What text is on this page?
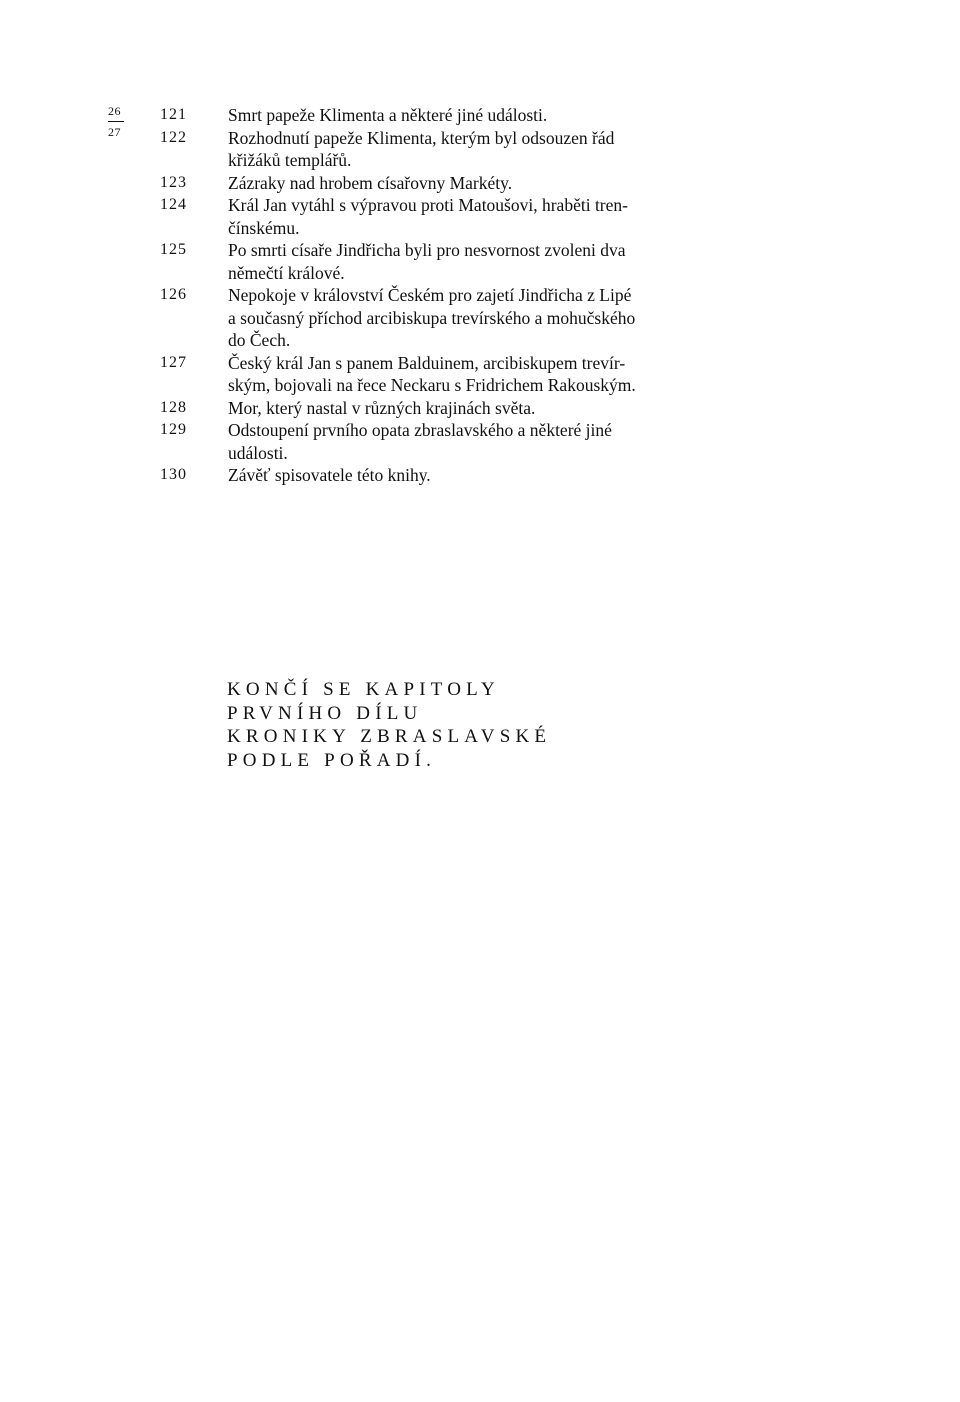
26
27
121	Smrt papeže Klimenta a některé jiné události.
122	Rozhodnutí papeže Klimenta, kterým byl odsouzen řád
křižáků templářů.
123	Zázraky nad hrobem císařovny Markéty.
124	Král Jan vytáhl s výpravou proti Matoušovi, hraběti tren-
čínskému.
125	Po smrti císaře Jindřicha byli pro nesvornost zvoleni dva
němečtí králové.
126	Nepokoje v království Českém pro zajetí Jindřicha z Lipé
a současný příchod arcibiskupa trevírského a mohučského
do Čech.
127	Český král Jan s panem Balduinem, arcibiskupem trevír-
ským, bojovali na řece Neckaru s Fridrichem Rakouským.
128	Mor, který nastal v různých krajinách světa.
129	Odstoupení prvního opata zbraslavského a některé jiné
události.
130	Závěť spisovatele této knihy.
KONČÍ SE KAPITOLY
PRVNÍHO DÍLU
KRONIKY ZBRASLAVSKÉ
PODLE POŘADÍ.
